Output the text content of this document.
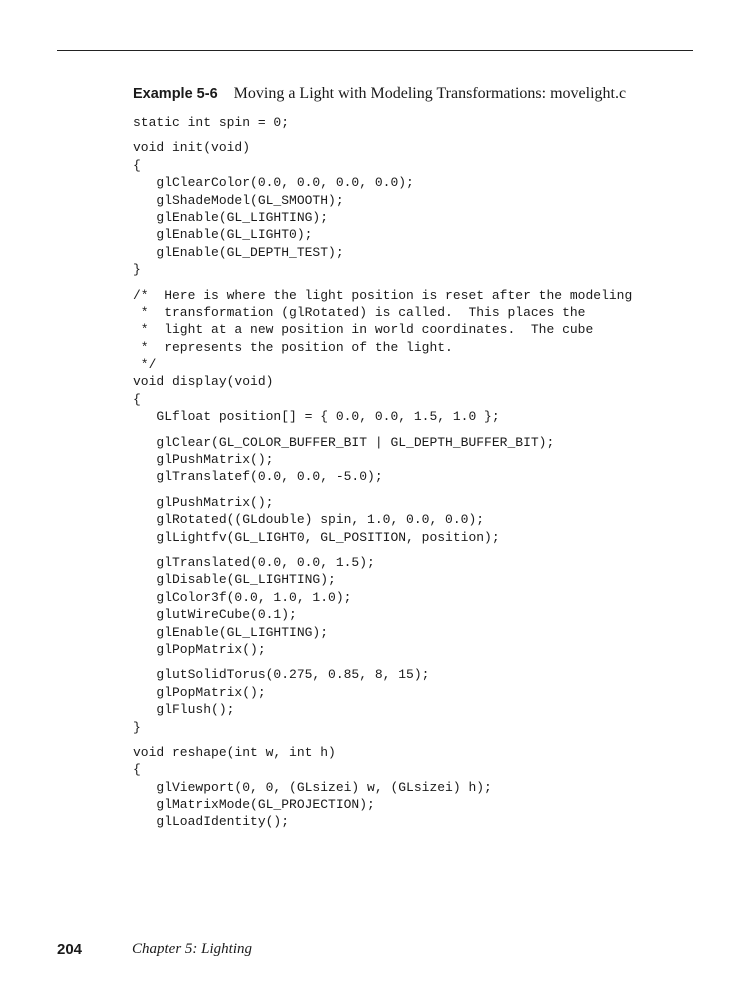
Example 5-6 Moving a Light with Modeling Transformations: movelight.c
static int spin = 0;
void init(void)
{
glClearColor(0.0, 0.0, 0.0, 0.0);
glShadeModel(GL_SMOOTH);
glEnable(GL_LIGHTING);
glEnable(GL_LIGHT0);
glEnable(GL_DEPTH_TEST);
}
/*  Here is where the light position is reset after the modeling
*  transformation (glRotated) is called.  This places the
*  light at a new position in world coordinates.  The cube
*  represents the position of the light.
*/
void display(void)
{
GLfloat position[] = { 0.0, 0.0, 1.5, 1.0 };
glClear(GL_COLOR_BUFFER_BIT | GL_DEPTH_BUFFER_BIT);
glPushMatrix();
glTranslatef(0.0, 0.0, -5.0);
glPushMatrix();
glRotated((GLdouble) spin, 1.0, 0.0, 0.0);
glLightfv(GL_LIGHT0, GL_POSITION, position);
glTranslated(0.0, 0.0, 1.5);
glDisable(GL_LIGHTING);
glColor3f(0.0, 1.0, 1.0);
glutWireCube(0.1);
glEnable(GL_LIGHTING);
glPopMatrix();
glutSolidTorus(0.275, 0.85, 8, 15);
glPopMatrix();
glFlush();
}
void reshape(int w, int h)
{
glViewport(0, 0, (GLsizei) w, (GLsizei) h);
glMatrixMode(GL_PROJECTION);
glLoadIdentity();
204	Chapter 5: Lighting
